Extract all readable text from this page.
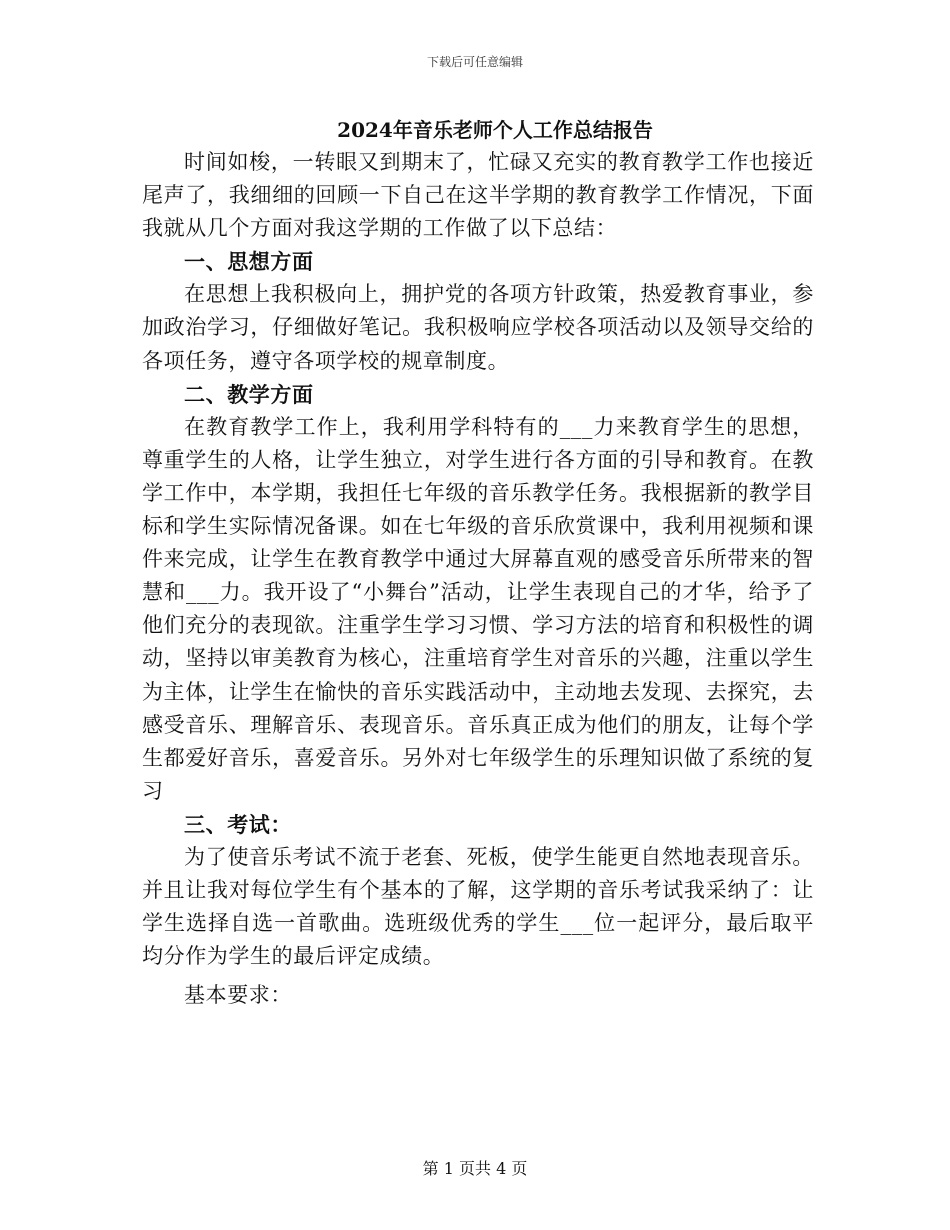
下载后可任意编辑
2024年音乐老师个人工作总结报告

时间如梭，一转眼又到期末了，忙碌又充实的教育教学工作也接近尾声了，我细细的回顾一下自己在这半学期的教育教学工作情况，下面我就从几个方面对我这学期的工作做了以下总结：

一、思想方面

在思想上我积极向上，拥护党的各项方针政策，热爱教育事业，参加政治学习，仔细做好笔记。我积极响应学校各项活动以及领导交给的各项任务，遵守各项学校的规章制度。

二、教学方面

在教育教学工作上，我利用学科特有的___力来教育学生的思想，尊重学生的人格，让学生独立，对学生进行各方面的引导和教育。在教学工作中，本学期，我担任七年级的音乐教学任务。我根据新的教学目标和学生实际情况备课。如在七年级的音乐欣赏课中，我利用视频和课件来完成，让学生在教育教学中通过大屏幕直观的感受音乐所带来的智慧和___力。我开设了“小舞台”活动，让学生表现自己的才华，给予了他们充分的表现欲。注重学生学习习惯、学习方法的培育和积极性的调动，坚持以审美教育为核心，注重培育学生对音乐的兴趣，注重以学生为主体，让学生在愉快的音乐实践活动中，主动地去发现、去探究，去感受音乐、理解音乐、表现音乐。音乐真正成为他们的朋友，让每个学生都爱好音乐，喜爱音乐。另外对七年级学生的乐理知识做了系统的复习

三、考试：

为了使音乐考试不流于老套、死板，使学生能更自然地表现音乐。并且让我对每位学生有个基本的了解，这学期的音乐考试我采纳了：让学生选择自选一首歌曲。选班级优秀的学生___位一起评分，最后取平均分作为学生的最后评定成绩。

基本要求：

第 1 页共 4 页
